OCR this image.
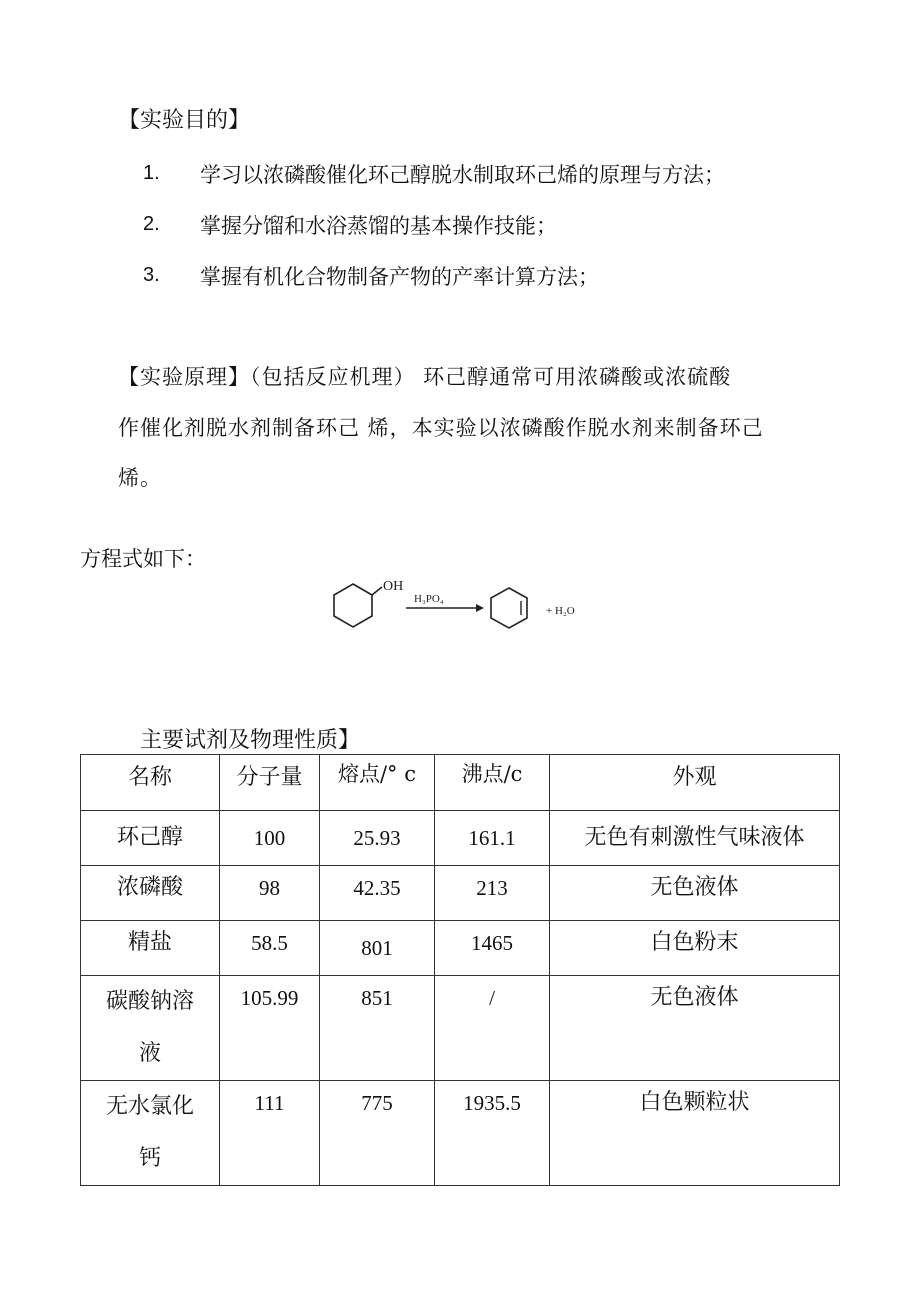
【实验目的】
1. 学习以浓磷酸催化环己醇脱水制取环己烯的原理与方法；
2. 掌握分馏和水浴蒸馏的基本操作技能；
3. 掌握有机化合物制备产物的产率计算方法；
【实验原理】（包括反应机理） 环己醇通常可用浓磷酸或浓硫酸
作催化剂脱水剂制备环己 烯，本实验以浓磷酸作脱水剂来制备环己
烯。
方程式如下：
OH
H₃PO₄
+ H₂O
主要试剂及物理性质】
名称	分子量	熔点/° c	沸点/c	外观
环己醇	100	25.93	161.1	无色有刺激性气味液体
浓磷酸	98	42.35	213	无色液体
精盐	58.5	801	1465	白色粉末

碳酸钠溶
液	105.99	851	/	无色液体

无水氯化
钙	111	775	1935.5	白色颗粒状
